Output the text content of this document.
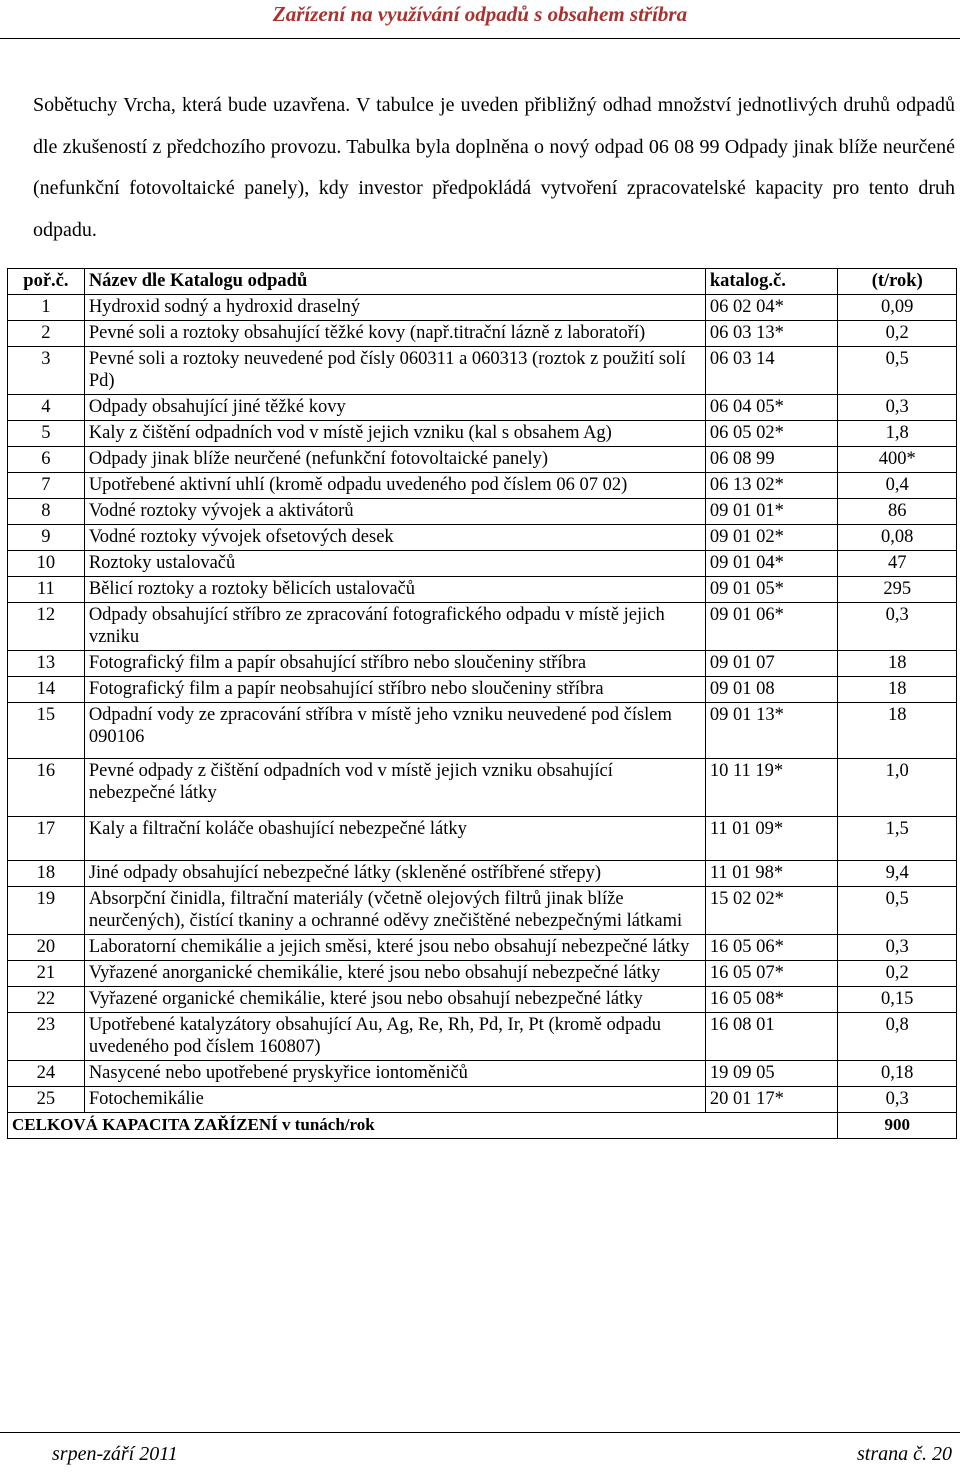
Zařízení na využívání odpadů s obsahem stříbra

Sobětuchy Vrcha, která bude uzavřena. V tabulce je uveden přibližný odhad množství jednotlivých druhů odpadů dle zkušeností z předchozího provozu. Tabulka byla doplněna o nový odpad 06 08 99 Odpady jinak blíže neurčené (nefunkční fotovoltaické panely), kdy investor předpokládá vytvoření zpracovatelské kapacity pro tento druh odpadu.

poř.č.	Název dle Katalogu odpadů	katalog.č.	(t/rok)
1	Hydroxid sodný a hydroxid draselný	06 02 04*	0,09
2	Pevné soli a roztoky obsahující těžké kovy (např.titrační lázně z laboratoří)	06 03 13*	0,2
3	Pevné soli a roztoky neuvedené pod čísly 060311 a 060313 (roztok z použití solí Pd)	06 03 14	0,5
4	Odpady obsahující jiné těžké kovy	06 04 05*	0,3
5	Kaly z čištění odpadních vod v místě jejich vzniku (kal s obsahem Ag)	06 05 02*	1,8
6	Odpady jinak blíže neurčené (nefunkční fotovoltaické panely)	06 08 99	400*
7	Upotřebené aktivní uhlí (kromě odpadu uvedeného pod číslem 06 07 02)	06 13 02*	0,4
8	Vodné roztoky vývojek a aktivátorů	09 01 01*	86
9	Vodné roztoky vývojek ofsetových desek	09 01 02*	0,08
10	Roztoky ustalovačů	09 01 04*	47
11	Bělicí roztoky a roztoky bělicích ustalovačů	09 01 05*	295
12	Odpady obsahující stříbro ze zpracování fotografického odpadu v místě jejich vzniku	09 01 06*	0,3
13	Fotografický film a papír obsahující stříbro nebo sloučeniny stříbra	09 01 07	18
14	Fotografický film a papír neobsahující stříbro nebo sloučeniny stříbra	09 01 08	18
15	Odpadní vody ze zpracování stříbra v místě jeho vzniku neuvedené pod číslem 090106	09 01 13*	18
16	Pevné odpady z čištění odpadních vod v místě jejich vzniku obsahující nebezpečné látky	10 11 19*	1,0
17	Kaly a filtrační koláče obashující nebezpečné látky	11 01 09*	1,5
18	Jiné odpady obsahující nebezpečné látky (skleněné ostříbřené střepy)	11 01 98*	9,4
19	Absorpční činidla, filtrační materiály (včetně olejových filtrů jinak blíže neurčených), čistící tkaniny a ochranné oděvy znečištěné nebezpečnými látkami	15 02 02*	0,5
20	Laboratorní chemikálie a jejich směsi, které jsou nebo obsahují nebezpečné látky	16 05 06*	0,3
21	Vyřazené anorganické chemikálie, které jsou nebo obsahují nebezpečné látky	16 05 07*	0,2
22	Vyřazené organické chemikálie, které jsou nebo obsahují nebezpečné látky	16 05 08*	0,15
23	Upotřebené katalyzátory obsahující Au, Ag, Re, Rh, Pd, Ir, Pt (kromě odpadu uvedeného pod číslem 160807)	16 08 01	0,8
24	Nasycené nebo upotřebené pryskyřice iontoměničů	19 09 05	0,18
25	Fotochemikálie	20 01 17*	0,3
CELKOVÁ KAPACITA ZAŘÍZENÍ v tunách/rok			900
srpen-září 2011	strana č. 20
